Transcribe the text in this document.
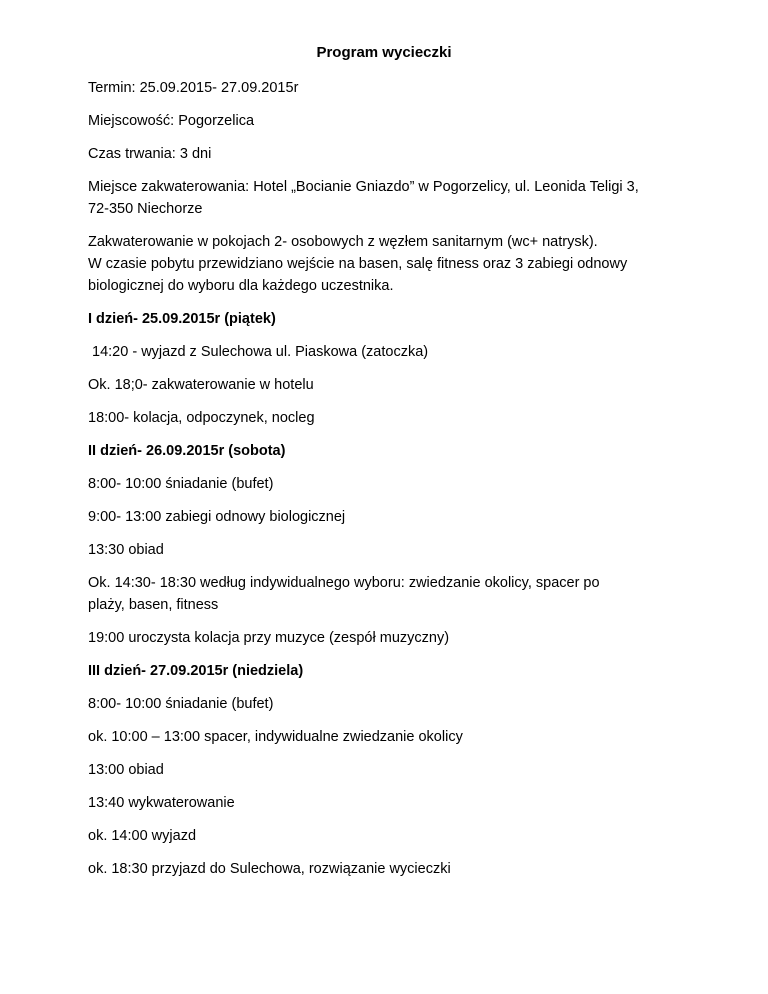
Program wycieczki
Termin: 25.09.2015- 27.09.2015r
Miejscowość: Pogorzelica
Czas trwania: 3 dni
Miejsce zakwaterowania: Hotel „Bocianie Gniazdo” w Pogorzelicy, ul. Leonida Teligi 3,
72-350 Niechorze
Zakwaterowanie w pokojach 2- osobowych z węzłem sanitarnym (wc+ natrysk).
W czasie pobytu przewidziano wejście na basen, salę fitness oraz 3 zabiegi odnowy
biologicznej do wyboru dla każdego uczestnika.
I dzień- 25.09.2015r (piątek)
14:20 - wyjazd z Sulechowa ul. Piaskowa (zatoczka)
Ok. 18;0- zakwaterowanie w hotelu
18:00- kolacja, odpoczynek, nocleg
II dzień- 26.09.2015r (sobota)
8:00- 10:00 śniadanie (bufet)
9:00- 13:00 zabiegi odnowy biologicznej
13:30 obiad
Ok. 14:30- 18:30 według indywidualnego wyboru: zwiedzanie okolicy, spacer po
plaży, basen, fitness
19:00 uroczysta kolacja przy muzyce (zespół muzyczny)
III dzień- 27.09.2015r (niedziela)
8:00- 10:00 śniadanie (bufet)
ok. 10:00 – 13:00 spacer, indywidualne zwiedzanie okolicy
13:00 obiad
13:40 wykwaterowanie
ok. 14:00 wyjazd
ok. 18:30 przyjazd do Sulechowa, rozwiązanie wycieczki
